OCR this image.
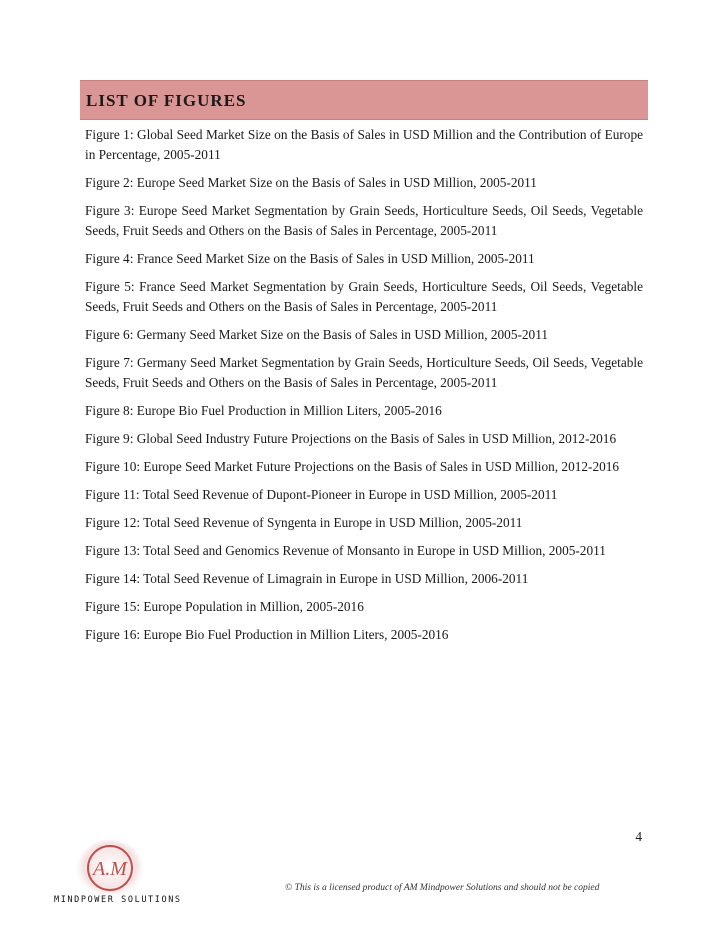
LIST OF FIGURES
Figure 1: Global Seed Market Size on the Basis of Sales in USD Million and the Contribution of Europe in Percentage, 2005-2011
Figure 2: Europe Seed Market Size on the Basis of Sales in USD Million, 2005-2011
Figure 3: Europe Seed Market Segmentation by Grain Seeds, Horticulture Seeds, Oil Seeds, Vegetable Seeds, Fruit Seeds and Others on the Basis of Sales in Percentage, 2005-2011
Figure 4: France Seed Market Size on the Basis of Sales in USD Million, 2005-2011
Figure 5: France Seed Market Segmentation by Grain Seeds, Horticulture Seeds, Oil Seeds, Vegetable Seeds, Fruit Seeds and Others on the Basis of Sales in Percentage, 2005-2011
Figure 6: Germany Seed Market Size on the Basis of Sales in USD Million, 2005-2011
Figure 7: Germany Seed Market Segmentation by Grain Seeds, Horticulture Seeds, Oil Seeds, Vegetable Seeds, Fruit Seeds and Others on the Basis of Sales in Percentage, 2005-2011
Figure 8: Europe Bio Fuel Production in Million Liters, 2005-2016
Figure 9: Global Seed Industry Future Projections on the Basis of Sales in USD Million, 2012-2016
Figure 10: Europe Seed Market Future Projections on the Basis of Sales in USD Million, 2012-2016
Figure 11: Total Seed Revenue of Dupont-Pioneer in Europe in USD Million, 2005-2011
Figure 12: Total Seed Revenue of Syngenta in Europe in USD Million, 2005-2011
Figure 13: Total Seed and Genomics Revenue of Monsanto in Europe in USD Million, 2005-2011
Figure 14: Total Seed Revenue of Limagrain in Europe in USD Million, 2006-2011
Figure 15: Europe Population in Million, 2005-2016
Figure 16: Europe Bio Fuel Production in Million Liters, 2005-2016
4
A.M
MINDPOWER SOLUTIONS
© This is a licensed product of AM Mindpower Solutions and should not be copied
